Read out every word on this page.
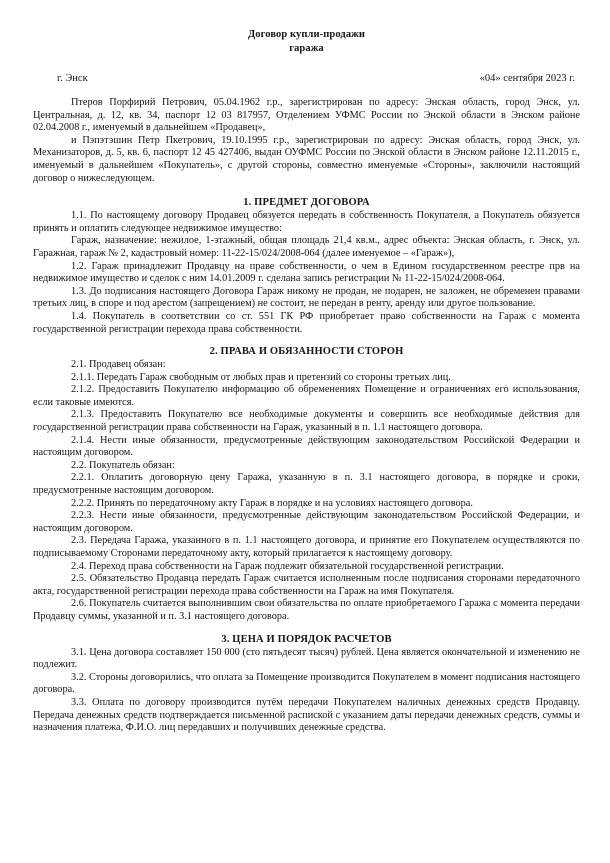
Договор купли-продажи
гаража
г. Энск	«04» сентября 2023 г.

Птеров Порфирий Петрович, 05.04.1962 г.р., зарегистрирован по адресу: Энская область, город Энск, ул. Центральная, д. 12, кв. 34, паспорт 12 03 817957, Отделением УФМС России по Энской области в Энском районе 02.04.2008 г., именуемый в дальнейшем «Продавец»,

и Пэпэтэшин Петр Пкетрович, 19.10.1995 г.р., зарегистрирован по адресу: Энская область, город Энск, ул. Механизаторов, д. 5, кв. 6, паспорт 12 45 427406, выдан ОУФМС России по Энской области в Энском районе 12.11.2015 г., именуемый в дальнейшем «Покупатель», с другой стороны, совместно именуемые «Стороны», заключили настоящий договор о нижеследующем.

1. ПРЕДМЕТ ДОГОВОРА

1.1. По настоящему договору Продавец обязуется передать в собственность Покупателя, а Покупатель обязуется принять и оплатить следующее недвижимое имущество:

Гараж, назначение: нежилое, 1-этажный, общая площадь 21,4 кв.м., адрес объекта: Энская область, г. Энск, ул. Гаражная, гараж № 2, кадастровый номер: 11-22-15/024/2008-064 (далее именуемое – «Гараж»),

1.2. Гараж принадлежит Продавцу на праве собственности, о чем в Едином государственном реестре прв на недвижимое имущество и сделок с ним 14.01.2009 г. сделана запись регистрации № 11-22-15/024/2008-064.

1.3. До подписания настоящего Договора Гараж никому не продан, не подарен, не заложен, не обременен правами третьих лиц, в споре и под арестом (запрещением) не состоит, не передан в ренту, аренду или другое пользование.

1.4. Покупатель в соответствии со ст. 551 ГК РФ приобретает право собственности на Гараж с момента государственной регистрации перехода права собственности.

2. ПРАВА И ОБЯЗАННОСТИ СТОРОН

2.1. Продавец обязан:

2.1.1. Передать Гараж свободным от любых прав и претензий со стороны третьих лиц.

2.1.2. Предоставить Покупателю информацию об обременениях Помещение и ограничениях его использования, если таковые имеются.

2.1.3. Предоставить Покупателю все необходимые документы и совершить все необходимые действия для государственной регистрации права собственности на Гараж, указанный в п. 1.1 настоящего договора.

2.1.4. Нести иные обязанности, предусмотренные действующим законодательством Российской Федерации и настоящим договором.

2.2. Покупатель обязан:

2.2.1. Оплатить договорную цену Гаража, указанную в п. 3.1 настоящего договора, в порядке и сроки, предусмотренные настоящим договором.

2.2.2. Принять по передаточному акту Гараж в порядке и на условиях настоящего договора.

2.2.3. Нести иные обязанности, предусмотренные действующим законодательством Российской Федерации, и настоящим договором.

2.3. Передача Гаража, указанного в п. 1.1 настоящего договора, и принятие его Покупателем осуществляются по подписываемому Сторонами передаточному акту, который прилагается к настоящему договору.

2.4. Переход права собственности на Гараж подлежит обязательной государственной регистрации.

2.5. Обязательство Продавца передать Гараж считается исполненным после подписания сторонами передаточного акта, государственной регистрации перехода права собственности на Гараж на имя Покупателя.

2.6. Покупатель считается выполнившим свои обязательства по оплате приобретаемого Гаража с момента передачи Продавцу суммы, указанной и п. 3.1 настоящего договора.

3. ЦЕНА И ПОРЯДОК РАСЧЕТОВ

3.1. Цена договора составляет 150 000 (сто пятьдесят тысяч) рублей. Цена является окончательной и изменению не подлежит.

3.2. Стороны договорились, что оплата за Помещение производится Покупателем в момент подписания настоящего договора.

3.3. Оплата по договору производится путём передачи Покупателем наличных денежных средств Продавцу. Передача денежных средств подтверждается письменной распиской с указанием даты передачи денежных средств, суммы и назначения платежа, Ф.И.О. лиц передавших и получивших денежные средства.
